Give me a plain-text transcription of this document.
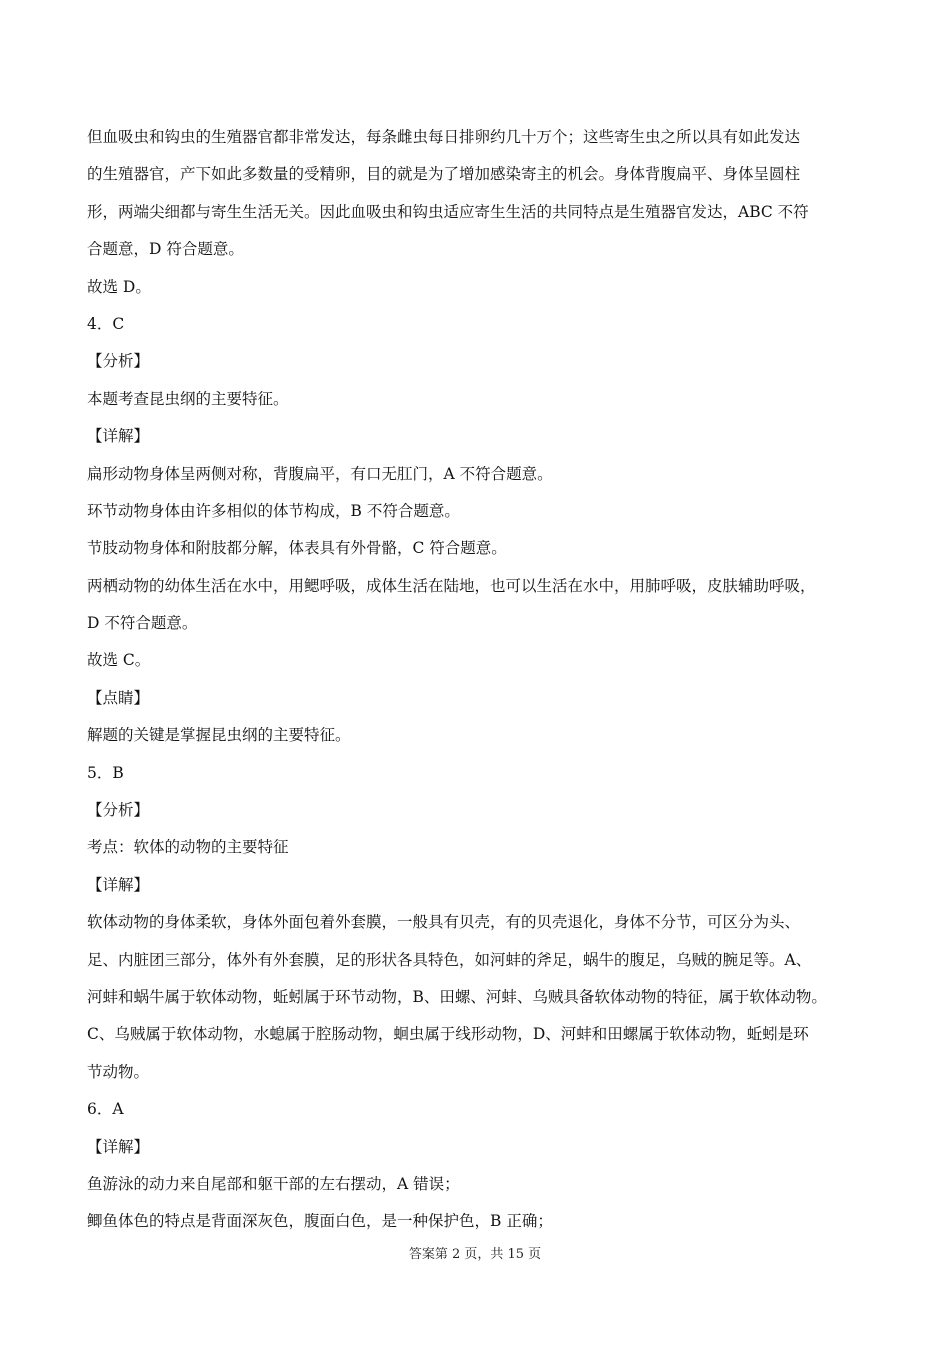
但血吸虫和钩虫的生殖器官都非常发达，每条雌虫每日排卵约几十万个；这些寄生虫之所以具有如此发达
的生殖器官，产下如此多数量的受精卵，目的就是为了增加感染寄主的机会。身体背腹扁平、身体呈圆柱
形，两端尖细都与寄生生活无关。因此血吸虫和钩虫适应寄生生活的共同特点是生殖器官发达，ABC 不符
合题意，D 符合题意。
故选 D。
4．C
【分析】
本题考查昆虫纲的主要特征。
【详解】
扁形动物身体呈两侧对称，背腹扁平，有口无肛门，A 不符合题意。
环节动物身体由许多相似的体节构成，B 不符合题意。
节肢动物身体和附肢都分解，体表具有外骨骼，C 符合题意。
两栖动物的幼体生活在水中，用鳃呼吸，成体生活在陆地，也可以生活在水中，用肺呼吸，皮肤辅助呼吸，
D 不符合题意。
故选 C。
【点睛】
解题的关键是掌握昆虫纲的主要特征。
5．B
【分析】
考点：软体的动物的主要特征
【详解】
软体动物的身体柔软，身体外面包着外套膜，一般具有贝壳，有的贝壳退化，身体不分节，可区分为头、
足、内脏团三部分，体外有外套膜，足的形状各具特色，如河蚌的斧足，蜗牛的腹足，乌贼的腕足等。A、
河蚌和蜗牛属于软体动物，蚯蚓属于环节动物，B、田螺、河蚌、乌贼具备软体动物的特征，属于软体动物。
C、乌贼属于软体动物，水螅属于腔肠动物，蛔虫属于线形动物，D、河蚌和田螺属于软体动物，蚯蚓是环
节动物。
6．A
【详解】
鱼游泳的动力来自尾部和躯干部的左右摆动，A 错误；
鲫鱼体色的特点是背面深灰色，腹面白色，是一种保护色，B 正确；
答案第 2 页，共 15 页
